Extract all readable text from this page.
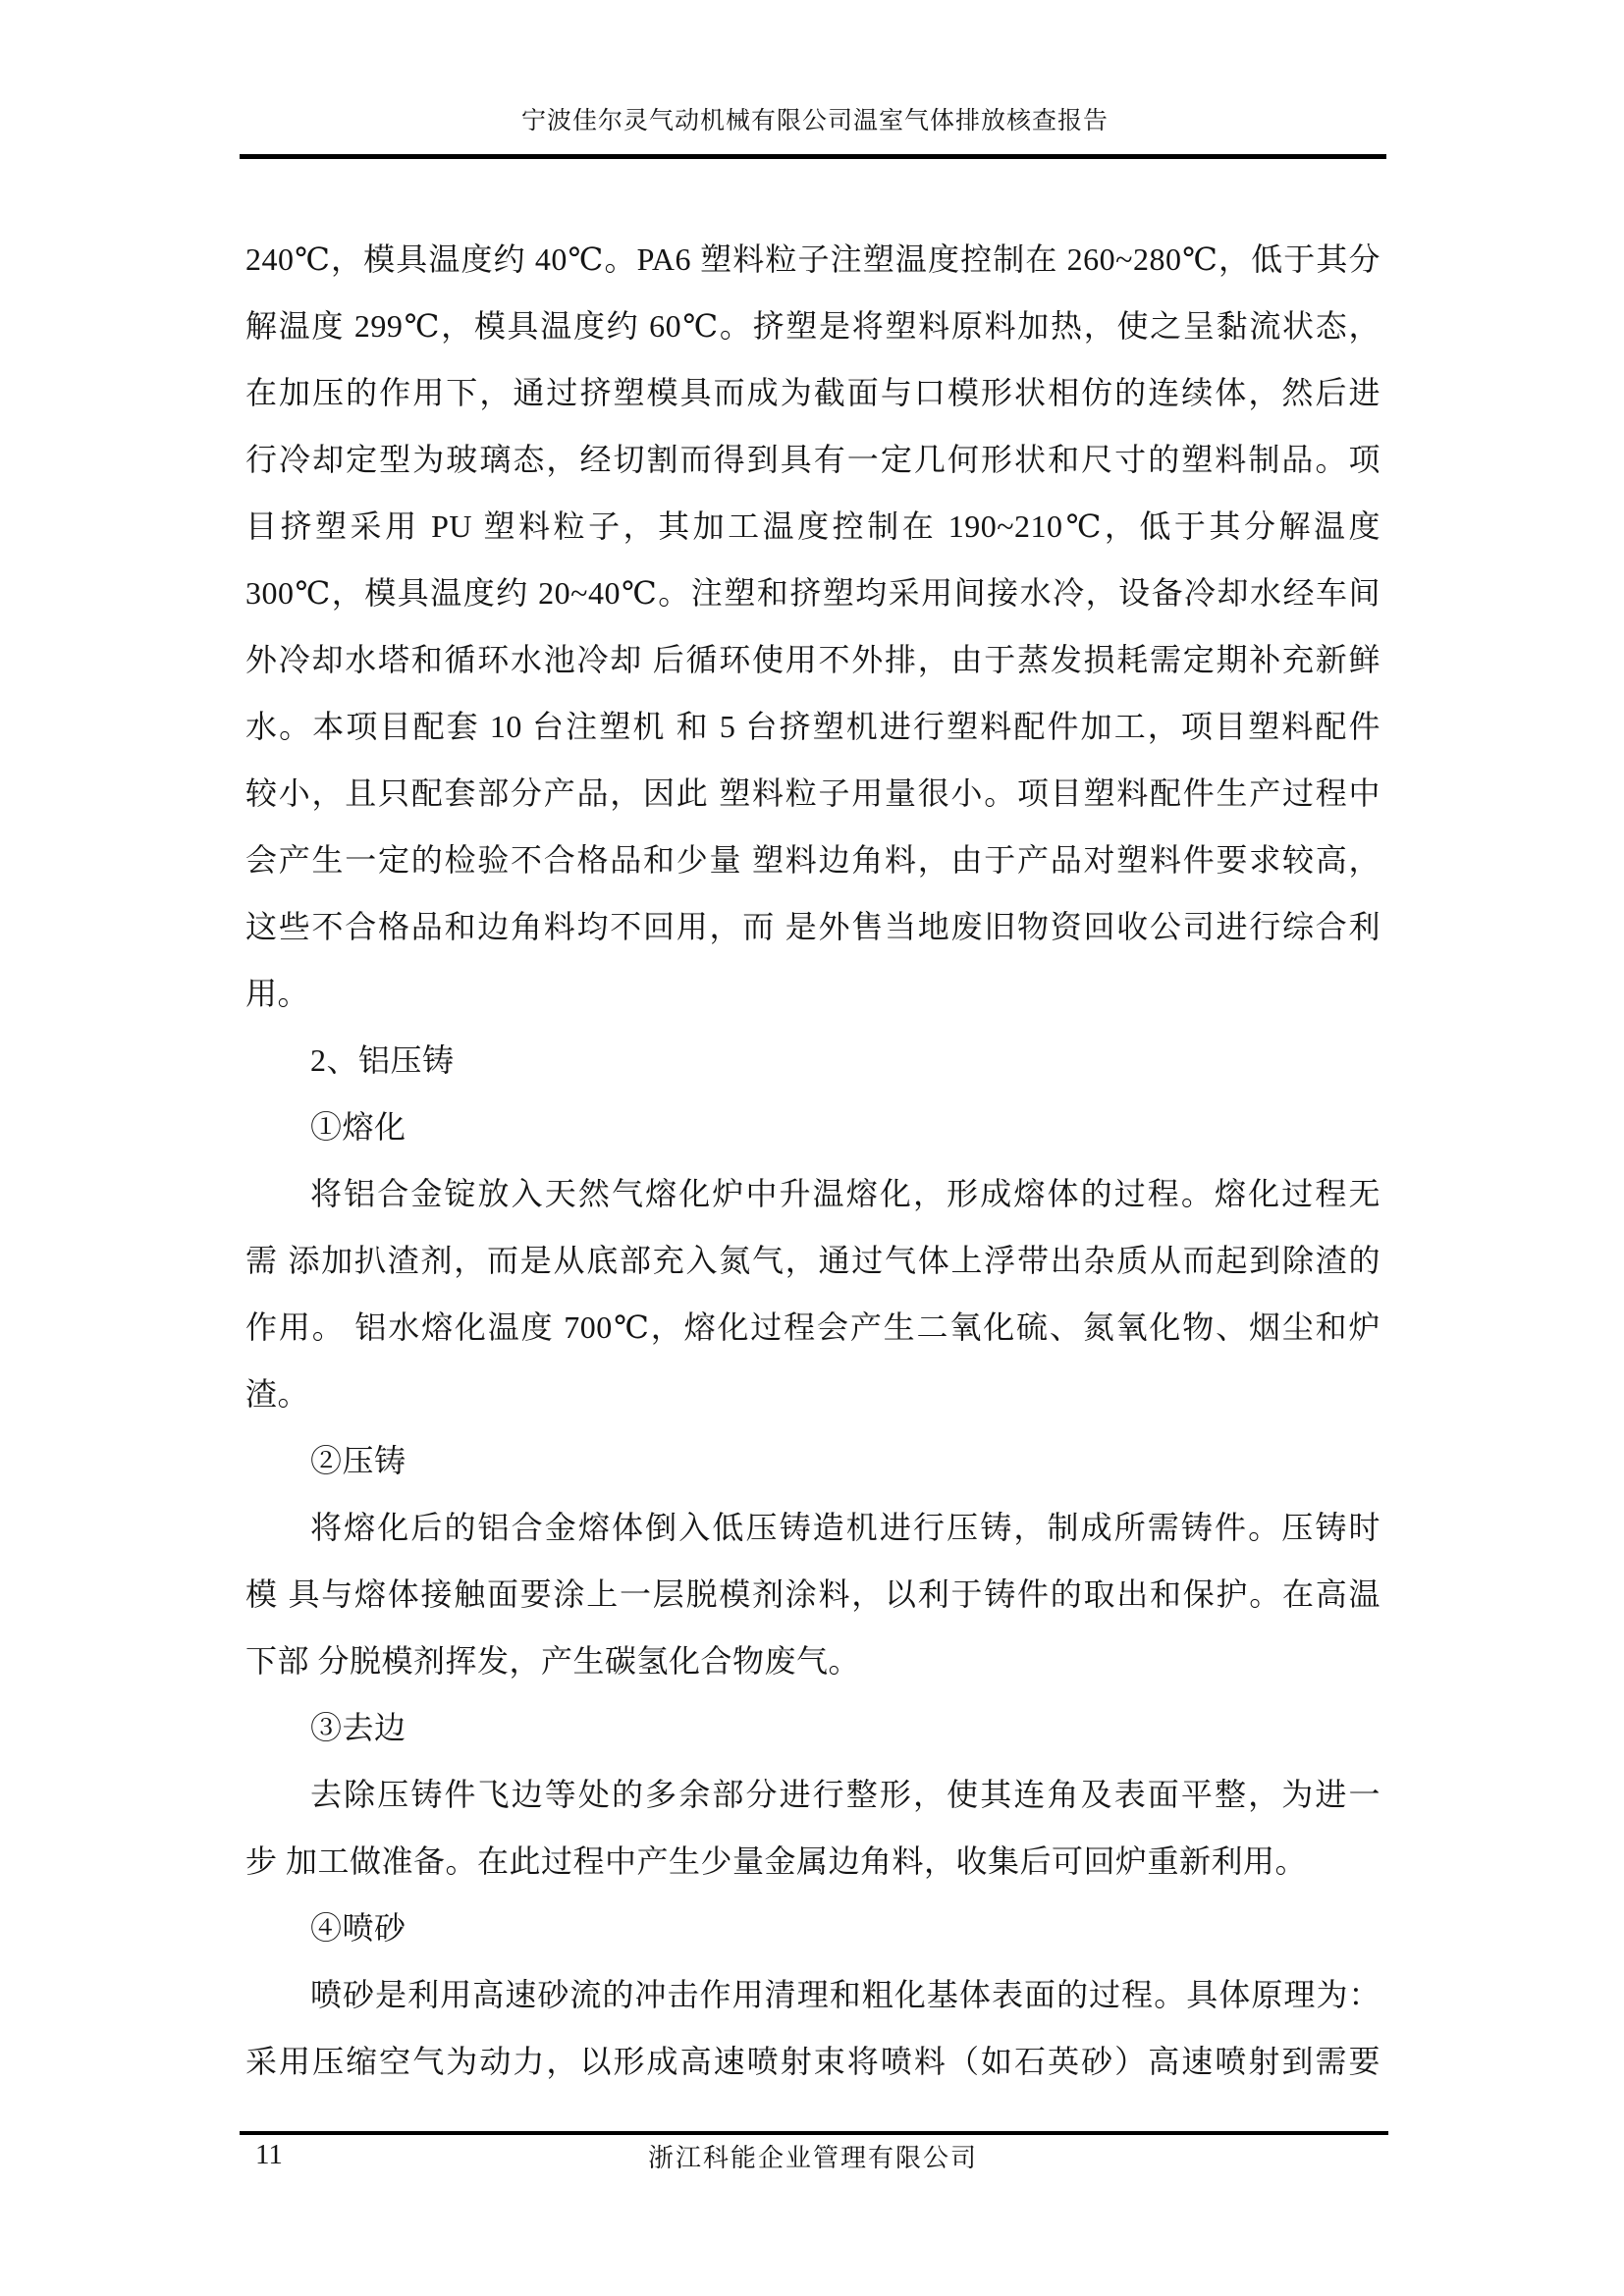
宁波佳尔灵气动机械有限公司温室气体排放核查报告
240℃，模具温度约 40℃。PA6 塑料粒子注塑温度控制在 260~280℃，低于其分
解温度 299℃，模具温度约 60℃。挤塑是将塑料原料加热，使之呈黏流状态，
在加压的作用下，通过挤塑模具而成为截面与口模形状相仿的连续体，然后进
行冷却定型为玻璃态，经切割而得到具有一定几何形状和尺寸的塑料制品。项
目挤塑采用 PU 塑料粒子，其加工温度控制在 190~210℃，低于其分解温度
300℃，模具温度约 20~40℃。注塑和挤塑均采用间接水冷，设备冷却水经车间
外冷却水塔和循环水池冷却 后循环使用不外排，由于蒸发损耗需定期补充新鲜
水。本项目配套 10 台注塑机 和 5 台挤塑机进行塑料配件加工，项目塑料配件
较小，且只配套部分产品，因此 塑料粒子用量很小。项目塑料配件生产过程中
会产生一定的检验不合格品和少量 塑料边角料，由于产品对塑料件要求较高，
这些不合格品和边角料均不回用，而 是外售当地废旧物资回收公司进行综合利
用。
2、铝压铸
①熔化
将铝合金锭放入天然气熔化炉中升温熔化，形成熔体的过程。熔化过程无
需 添加扒渣剂，而是从底部充入氮气，通过气体上浮带出杂质从而起到除渣的
作用。 铝水熔化温度 700℃，熔化过程会产生二氧化硫、氮氧化物、烟尘和炉
渣。
②压铸
将熔化后的铝合金熔体倒入低压铸造机进行压铸，制成所需铸件。压铸时
模 具与熔体接触面要涂上一层脱模剂涂料，以利于铸件的取出和保护。在高温
下部 分脱模剂挥发，产生碳氢化合物废气。
③去边
去除压铸件飞边等处的多余部分进行整形，使其连角及表面平整，为进一
步 加工做准备。在此过程中产生少量金属边角料，收集后可回炉重新利用。
④喷砂
喷砂是利用高速砂流的冲击作用清理和粗化基体表面的过程。具体原理为：
采用压缩空气为动力，以形成高速喷射束将喷料（如石英砂）高速喷射到需要
11	浙江科能企业管理有限公司
